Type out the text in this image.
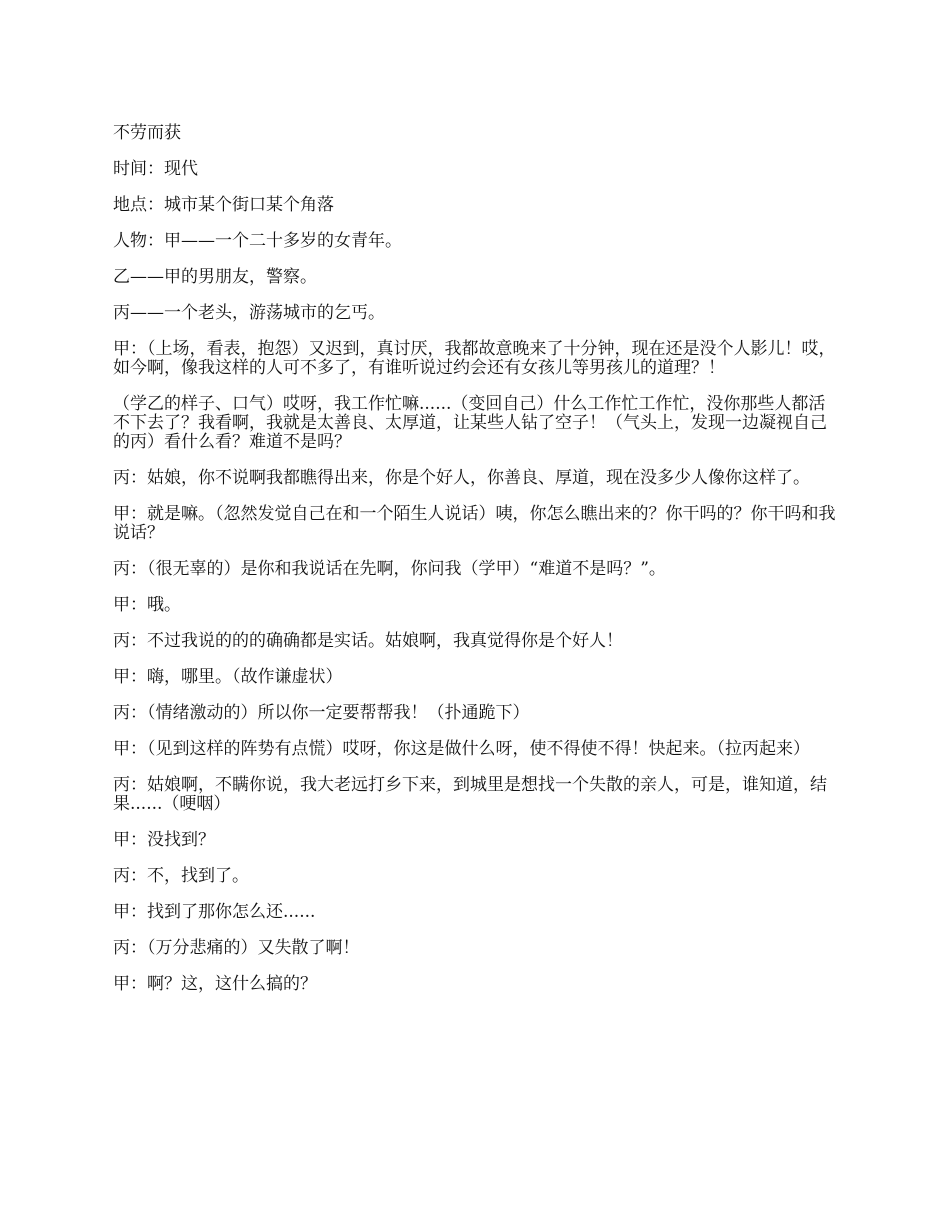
不劳而获

时间：现代

地点：城市某个街口某个角落

人物：甲——一个二十多岁的女青年。

乙——甲的男朋友，警察。

丙——一个老头，游荡城市的乞丐。

甲：（上场，看表，抱怨）又迟到，真讨厌，我都故意晚来了十分钟，现在还是没个人影儿！哎，如今啊，像我这样的人可不多了，有谁听说过约会还有女孩儿等男孩儿的道理？！

（学乙的样子、口气）哎呀，我工作忙嘛......（变回自己）什么工作忙工作忙，没你那些人都活不下去了？我看啊，我就是太善良、太厚道，让某些人钻了空子！（气头上，发现一边凝视自己的丙）看什么看？难道不是吗？

丙：姑娘，你不说啊我都瞧得出来，你是个好人，你善良、厚道，现在没多少人像你这样了。

甲：就是嘛。（忽然发觉自己在和一个陌生人说话）咦，你怎么瞧出来的？你干吗的？你干吗和我说话？

丙：（很无辜的）是你和我说话在先啊，你问我（学甲）“难道不是吗？”。

甲：哦。

丙：不过我说的的的确确都是实话。姑娘啊，我真觉得你是个好人！

甲：嗨，哪里。（故作谦虚状）

丙：（情绪激动的）所以你一定要帮帮我！（扑通跪下）

甲：（见到这样的阵势有点慌）哎呀，你这是做什么呀，使不得使不得！快起来。（拉丙起来）

丙：姑娘啊，不瞒你说，我大老远打乡下来，到城里是想找一个失散的亲人，可是，谁知道，结果......（哽咽）

甲：没找到？

丙：不，找到了。

甲：找到了那你怎么还......

丙：（万分悲痛的）又失散了啊！

甲：啊？这，这什么搞的？
